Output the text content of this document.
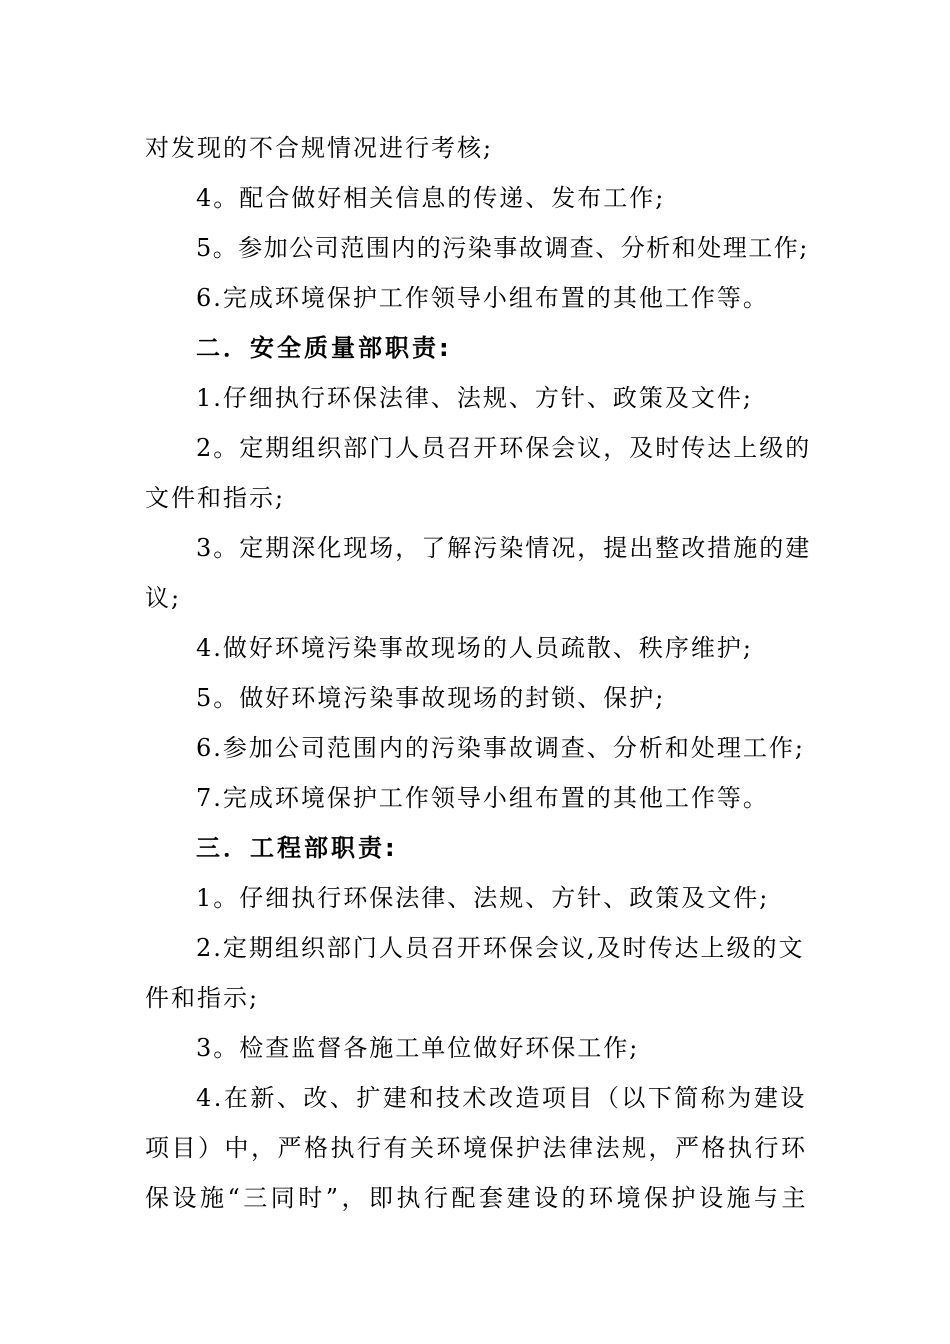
对发现的不合规情况进行考核;

4。配合做好相关信息的传递、发布工作;

5。参加公司范围内的污染事故调查、分析和处理工作;

6.完成环境保护工作领导小组布置的其他工作等。

二．安全质量部职责:

1.仔细执行环保法律、法规、方针、政策及文件;

2。定期组织部门人员召开环保会议，及时传达上级的

文件和指示;

3。定期深化现场，了解污染情况，提出整改措施的建

议;

4.做好环境污染事故现场的人员疏散、秩序维护;

5。做好环境污染事故现场的封锁、保护;

6.参加公司范围内的污染事故调查、分析和处理工作;

7.完成环境保护工作领导小组布置的其他工作等。

三．工程部职责:

1。仔细执行环保法律、法规、方针、政策及文件;

2.定期组织部门人员召开环保会议,及时传达上级的文

件和指示;

3。检查监督各施工单位做好环保工作;

4.在新、改、扩建和技术改造项目（以下简称为建设

项目）中，严格执行有关环境保护法律法规，严格执行环

保设施“三同时”，即执行配套建设的环境保护设施与主
